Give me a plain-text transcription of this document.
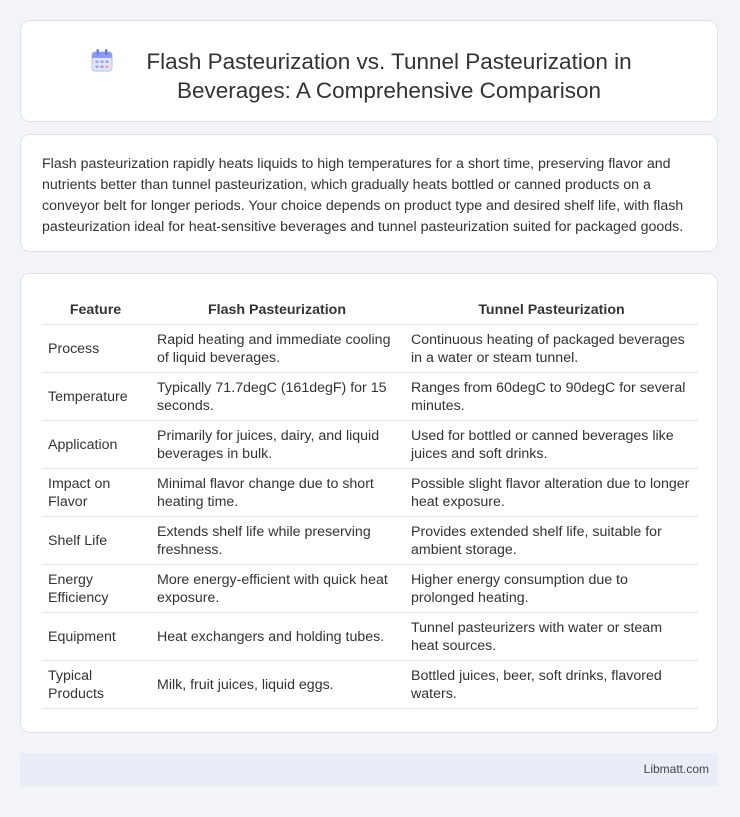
Flash Pasteurization vs. Tunnel Pasteurization in Beverages: A Comprehensive Comparison

Flash pasteurization rapidly heats liquids to high temperatures for a short time, preserving flavor and nutrients better than tunnel pasteurization, which gradually heats bottled or canned products on a conveyor belt for longer periods. Your choice depends on product type and desired shelf life, with flash pasteurization ideal for heat-sensitive beverages and tunnel pasteurization suited for packaged goods.

Feature	Flash Pasteurization	Tunnel Pasteurization
Process	Rapid heating and immediate cooling of liquid beverages.	Continuous heating of packaged beverages in a water or steam tunnel.
Temperature	Typically 71.7degC (161degF) for 15 seconds.	Ranges from 60degC to 90degC for several minutes.
Application	Primarily for juices, dairy, and liquid beverages in bulk.	Used for bottled or canned beverages like juices and soft drinks.
Impact on Flavor	Minimal flavor change due to short heating time.	Possible slight flavor alteration due to longer heat exposure.
Shelf Life	Extends shelf life while preserving freshness.	Provides extended shelf life, suitable for ambient storage.
Energy Efficiency	More energy-efficient with quick heat exposure.	Higher energy consumption due to prolonged heating.
Equipment	Heat exchangers and holding tubes.	Tunnel pasteurizers with water or steam heat sources.
Typical Products	Milk, fruit juices, liquid eggs.	Bottled juices, beer, soft drinks, flavored waters.
Libmatt.com
